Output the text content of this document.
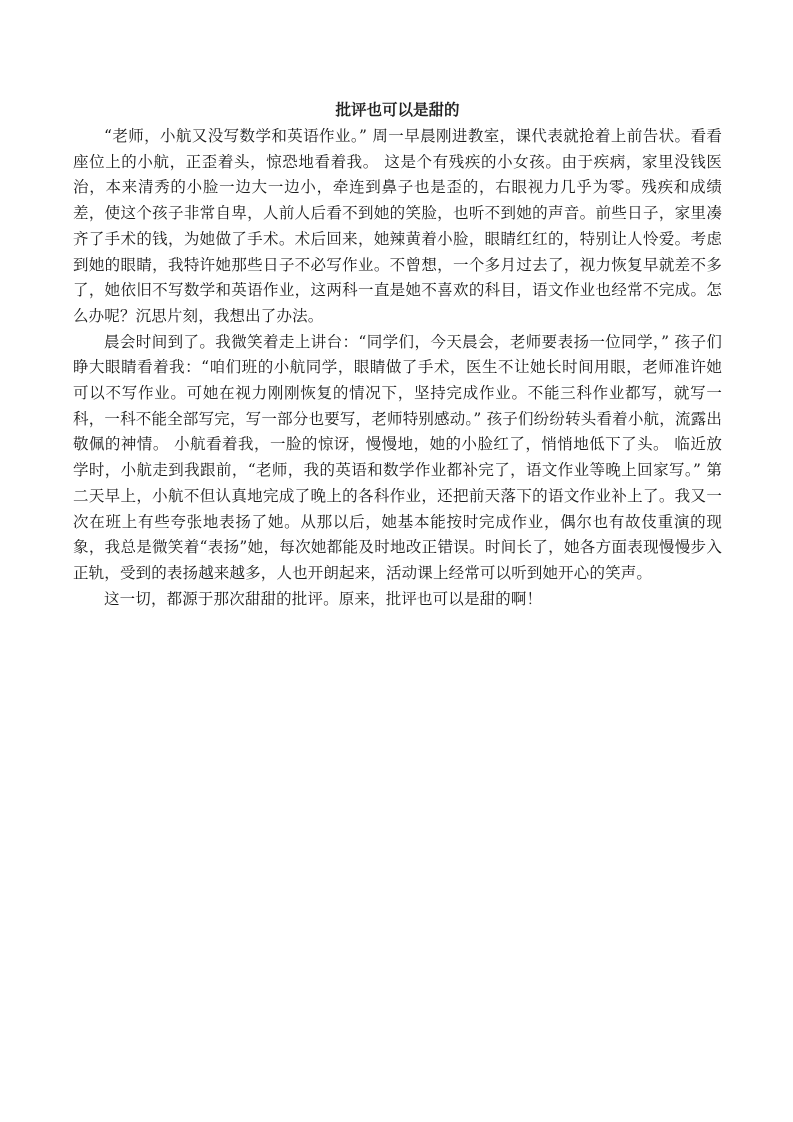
批评也可以是甜的

“老师，小航又没写数学和英语作业。” 周一早晨刚进教室，课代表就抢着上前告状。看看座位上的小航，正歪着头，惊恐地看着我。 这是个有残疾的小女孩。由于疾病，家里没钱医治，本来清秀的小脸一边大一边小，牵连到鼻子也是歪的，右眼视力几乎为零。残疾和成绩差，使这个孩子非常自卑，人前人后看不到她的笑脸，也听不到她的声音。前些日子，家里凑齐了手术的钱，为她做了手术。术后回来，她辣黄着小脸，眼睛红红的，特别让人怜爱。考虑到她的眼睛，我特许她那些日子不必写作业。不曾想，一个多月过去了，视力恢复早就差不多了，她依旧不写数学和英语作业，这两科一直是她不喜欢的科目，语文作业也经常不完成。怎么办呢？沉思片刻，我想出了办法。

晨会时间到了。我微笑着走上讲台：“同学们，今天晨会，老师要表扬一位同学，” 孩子们睁大眼睛看着我：“咱们班的小航同学，眼睛做了手术，医生不让她长时间用眼，老师准许她可以不写作业。可她在视力刚刚恢复的情况下，坚持完成作业。不能三科作业都写，就写一科，一科不能全部写完，写一部分也要写，老师特别感动。” 孩子们纷纷转头看着小航，流露出敬佩的神情。 小航看着我，一脸的惊讶，慢慢地，她的小脸红了，悄悄地低下了头。 临近放学时，小航走到我跟前，“老师，我的英语和数学作业都补完了，语文作业等晚上回家写。” 第二天早上，小航不但认真地完成了晚上的各科作业，还把前天落下的语文作业补上了。我又一次在班上有些夸张地表扬了她。从那以后，她基本能按时完成作业，偶尔也有故伎重演的现象，我总是微笑着“表扬”她，每次她都能及时地改正错误。时间长了，她各方面表现慢慢步入正轨，受到的表扬越来越多，人也开朗起来，活动课上经常可以听到她开心的笑声。

这一切，都源于那次甜甜的批评。原来，批评也可以是甜的啊！
